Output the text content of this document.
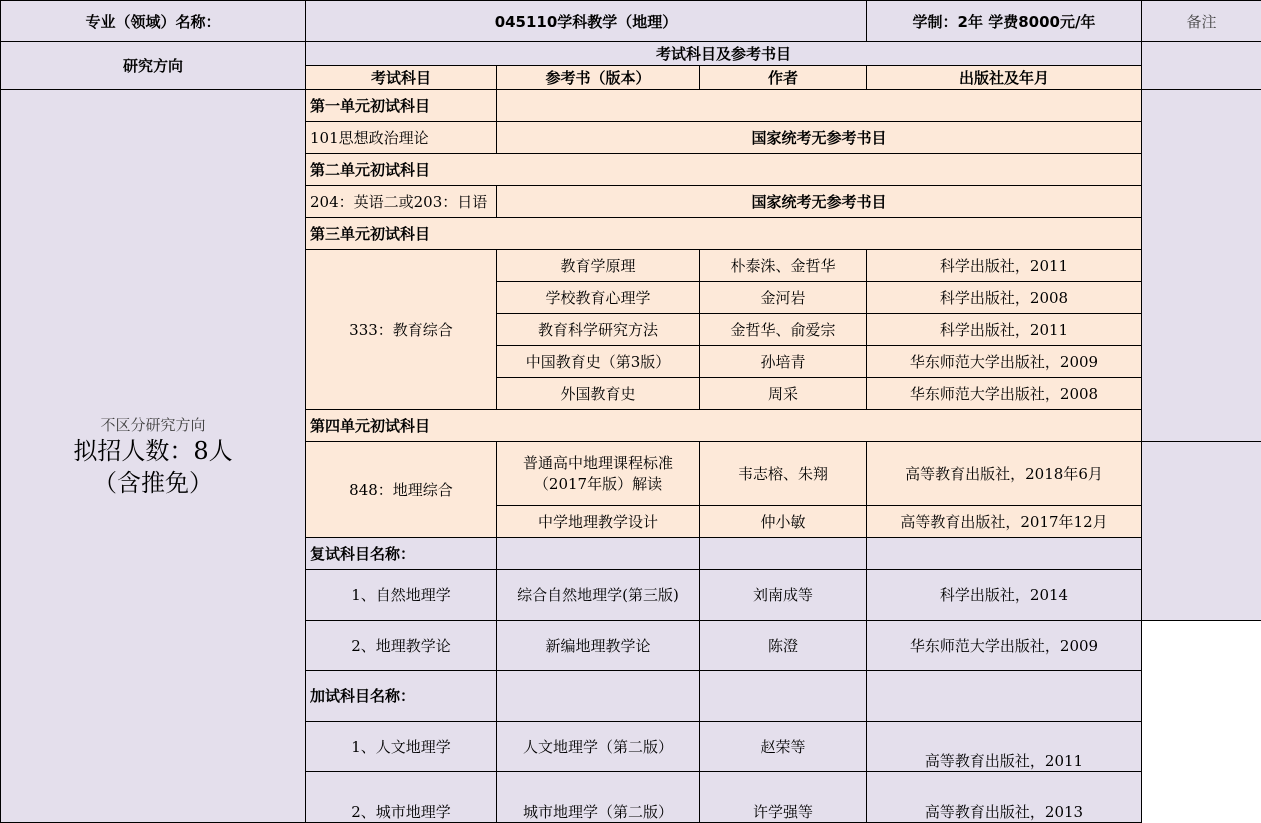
专业（领域）名称：	045110学科教学（地理）			学制：2年 学费8000元/年	备注	
研究方向	考试科目及参考书目					
	考试科目	参考书（版本）	作者	出版社及年月		

不区分研究方向
拟招人数：8人
（含推免）	第一单元初试科目					
	101思想政治理论	国家统考无参考书目				
	第二单元初试科目					
	204：英语二或203：日语	国家统考无参考书目				
	第三单元初试科目					
	333：教育综合	教育学原理	朴泰洙、金哲华	科学出版社，2011		
		学校教育心理学	金河岩	科学出版社，2008		
		教育科学研究方法	金哲华、俞爱宗	科学出版社，2011		
		中国教育史（第3版）	孙培青	华东师范大学出版社，2009		
		外国教育史	周采	华东师范大学出版社，2008		
	第四单元初试科目					
	848：地理综合	普通高中地理课程标准（2017年版）解读	韦志榕、朱翔	高等教育出版社，2018年6月		
		中学地理教学设计	仲小敏	高等教育出版社，2017年12月		
	复试科目名称：					
	1、自然地理学	综合自然地理学(第三版)	刘南成等	科学出版社，2014	
	2、地理教学论	新编地理教学论	陈澄	华东师范大学出版社，2009		
	加试科目名称：					
	1、人文地理学	人文地理学（第二版）	赵荣等	高等教育出版社，2011		
	2、城市地理学	城市地理学（第二版）	许学强等	高等教育出版社，2013		
